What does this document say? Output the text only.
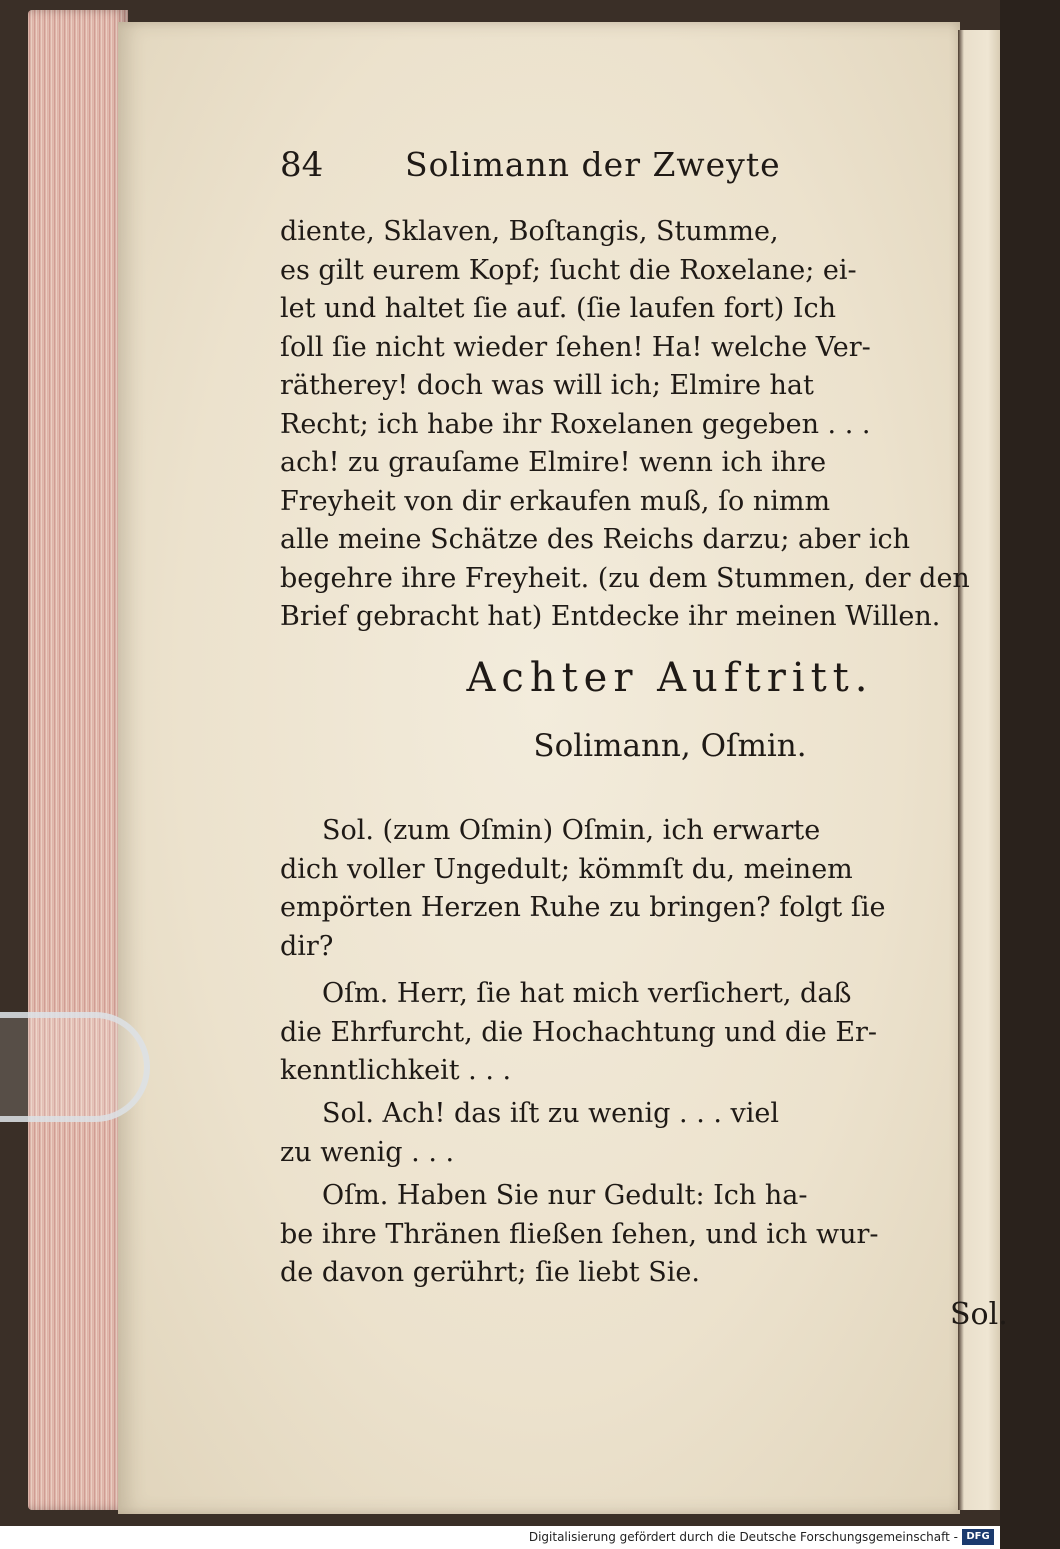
84 Solimann der Zweyte
diente, Sklaven, Boſtangis, Stumme,
es gilt eurem Kopf; ſucht die Roxelane; ei-
let und haltet ſie auf. (ſie laufen fort) Ich
ſoll ſie nicht wieder ſehen! Ha! welche Ver-
rätherey! doch was will ich; Elmire hat
Recht; ich habe ihr Roxelanen gegeben . . .
ach! zu grauſame Elmire! wenn ich ihre
Freyheit von dir erkaufen muß, ſo nimm
alle meine Schätze des Reichs darzu; aber ich
begehre ihre Freyheit. (zu dem Stummen, der den
Brief gebracht hat) Entdecke ihr meinen Willen.
Achter Auftritt.
Solimann, Oſmin.
Sol. (zum Oſmin) Oſmin, ich erwarte
dich voller Ungedult; kömmſt du, meinem
empörten Herzen Ruhe zu bringen? folgt ſie
dir?
Oſm. Herr, ſie hat mich verſichert, daß
die Ehrfurcht, die Hochachtung und die Er-
kenntlichkeit . . .
Sol. Ach! das iſt zu wenig . . . viel
zu wenig . . .
Oſm. Haben Sie nur Gedult: Ich ha-
be ihre Thränen fließen ſehen, und ich wur-
de davon gerührt; ſie liebt Sie.
Sol.
Digitalisierung gefördert durch die Deutsche Forschungsgemeinschaft - DFG
